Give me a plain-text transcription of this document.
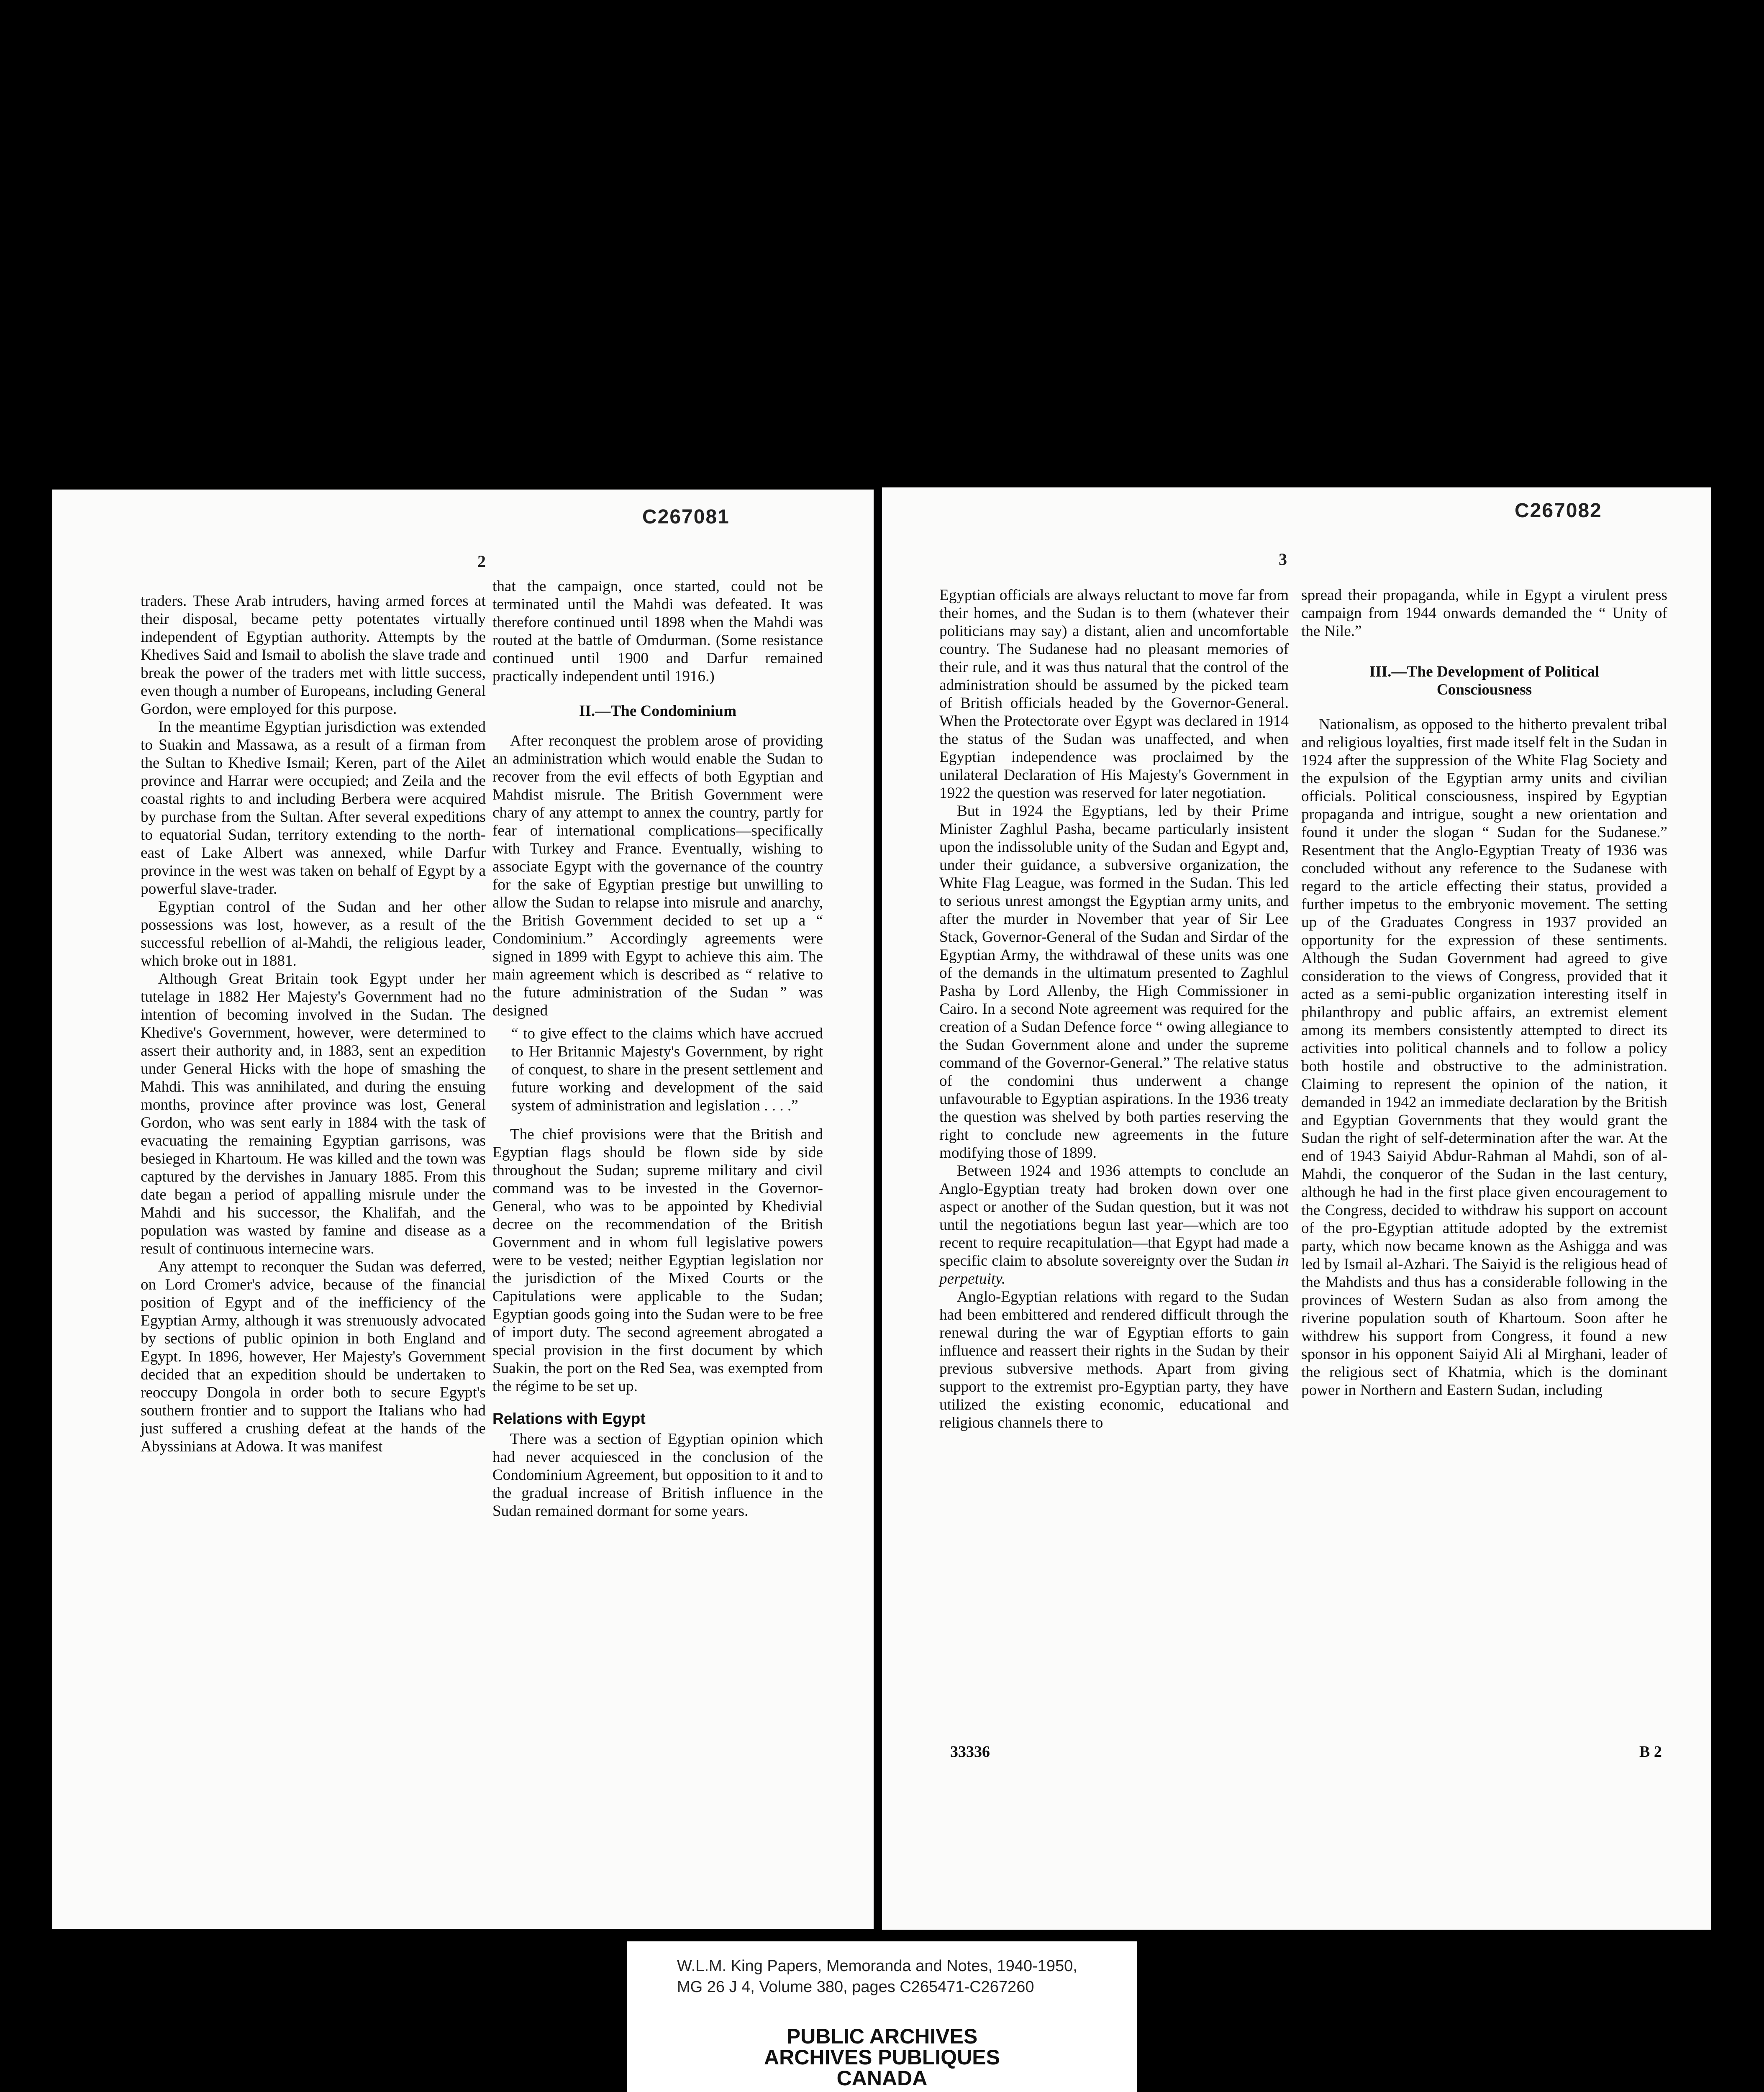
C267081
2

traders. These Arab intruders, having armed forces at their disposal, became petty potentates virtually independent of Egyptian authority. Attempts by the Khedives Said and Ismail to abolish the slave trade and break the power of the traders met with little success, even though a number of Europeans, including General Gordon, were employed for this purpose.

In the meantime Egyptian jurisdiction was extended to Suakin and Massawa, as a result of a firman from the Sultan to Khedive Ismail; Keren, part of the Ailet province and Harrar were occupied; and Zeila and the coastal rights to and including Berbera were acquired by purchase from the Sultan. After several expeditions to equatorial Sudan, territory extending to the north-east of Lake Albert was annexed, while Darfur province in the west was taken on behalf of Egypt by a powerful slave-trader.

Egyptian control of the Sudan and her other possessions was lost, however, as a result of the successful rebellion of al-Mahdi, the religious leader, which broke out in 1881.

Although Great Britain took Egypt under her tutelage in 1882 Her Majesty's Government had no intention of becoming involved in the Sudan. The Khedive's Government, however, were determined to assert their authority and, in 1883, sent an expedition under General Hicks with the hope of smashing the Mahdi. This was annihilated, and during the ensuing months, province after province was lost, General Gordon, who was sent early in 1884 with the task of evacuating the remaining Egyptian garrisons, was besieged in Khartoum. He was killed and the town was captured by the dervishes in January 1885. From this date began a period of appalling misrule under the Mahdi and his successor, the Khalifah, and the population was wasted by famine and disease as a result of continuous internecine wars.

Any attempt to reconquer the Sudan was deferred, on Lord Cromer's advice, because of the financial position of Egypt and of the inefficiency of the Egyptian Army, although it was strenuously advocated by sections of public opinion in both England and Egypt. In 1896, however, Her Majesty's Government decided that an expedition should be undertaken to reoccupy Dongola in order both to secure Egypt's southern frontier and to support the Italians who had just suffered a crushing defeat at the hands of the Abyssinians at Adowa. It was manifest

that the campaign, once started, could not be terminated until the Mahdi was defeated. It was therefore continued until 1898 when the Mahdi was routed at the battle of Omdurman. (Some resistance continued until 1900 and Darfur remained practically independent until 1916.)

II.—The Condominium

After reconquest the problem arose of providing an administration which would enable the Sudan to recover from the evil effects of both Egyptian and Mahdist misrule. The British Government were chary of any attempt to annex the country, partly for fear of international complications—specifically with Turkey and France. Eventually, wishing to associate Egypt with the governance of the country for the sake of Egyptian prestige but unwilling to allow the Sudan to relapse into misrule and anarchy, the British Government decided to set up a “ Condominium.” Accordingly agreements were signed in 1899 with Egypt to achieve this aim. The main agreement which is described as “ relative to the future administration of the Sudan ” was designed

“ to give effect to the claims which have accrued to Her Britannic Majesty's Government, by right of conquest, to share in the present settlement and future working and development of the said system of administration and legislation . . . .”

The chief provisions were that the British and Egyptian flags should be flown side by side throughout the Sudan; supreme military and civil command was to be invested in the Governor-General, who was to be appointed by Khedivial decree on the recommendation of the British Government and in whom full legislative powers were to be vested; neither Egyptian legislation nor the jurisdiction of the Mixed Courts or the Capitulations were applicable to the Sudan; Egyptian goods going into the Sudan were to be free of import duty. The second agreement abrogated a special provision in the first document by which Suakin, the port on the Red Sea, was exempted from the régime to be set up.

Relations with Egypt

There was a section of Egyptian opinion which had never acquiesced in the conclusion of the Condominium Agreement, but opposition to it and to the gradual increase of British influence in the Sudan remained dormant for some years.

C267082
3

Egyptian officials are always reluctant to move far from their homes, and the Sudan is to them (whatever their politicians may say) a distant, alien and uncomfortable country. The Sudanese had no pleasant memories of their rule, and it was thus natural that the control of the administration should be assumed by the picked team of British officials headed by the Governor-General. When the Protectorate over Egypt was declared in 1914 the status of the Sudan was unaffected, and when Egyptian independence was proclaimed by the unilateral Declaration of His Majesty's Government in 1922 the question was reserved for later negotiation.

But in 1924 the Egyptians, led by their Prime Minister Zaghlul Pasha, became particularly insistent upon the indissoluble unity of the Sudan and Egypt and, under their guidance, a subversive organization, the White Flag League, was formed in the Sudan. This led to serious unrest amongst the Egyptian army units, and after the murder in November that year of Sir Lee Stack, Governor-General of the Sudan and Sirdar of the Egyptian Army, the withdrawal of these units was one of the demands in the ultimatum presented to Zaghlul Pasha by Lord Allenby, the High Commissioner in Cairo. In a second Note agreement was required for the creation of a Sudan Defence force “ owing allegiance to the Sudan Government alone and under the supreme command of the Governor-General.” The relative status of the condomini thus underwent a change unfavourable to Egyptian aspirations. In the 1936 treaty the question was shelved by both parties reserving the right to conclude new agreements in the future modifying those of 1899.

Between 1924 and 1936 attempts to conclude an Anglo-Egyptian treaty had broken down over one aspect or another of the Sudan question, but it was not until the negotiations begun last year—which are too recent to require recapitulation—that Egypt had made a specific claim to absolute sovereignty over the Sudan in perpetuity.

Anglo-Egyptian relations with regard to the Sudan had been embittered and rendered difficult through the renewal during the war of Egyptian efforts to gain influence and reassert their rights in the Sudan by their previous subversive methods. Apart from giving support to the extremist pro-Egyptian party, they have utilized the existing economic, educational and religious channels there to

spread their propaganda, while in Egypt a virulent press campaign from 1944 onwards demanded the “ Unity of the Nile.”

III.—The Development of Political
Consciousness

Nationalism, as opposed to the hitherto prevalent tribal and religious loyalties, first made itself felt in the Sudan in 1924 after the suppression of the White Flag Society and the expulsion of the Egyptian army units and civilian officials. Political consciousness, inspired by Egyptian propaganda and intrigue, sought a new orientation and found it under the slogan “ Sudan for the Sudanese.” Resentment that the Anglo-Egyptian Treaty of 1936 was concluded without any reference to the Sudanese with regard to the article effecting their status, provided a further impetus to the embryonic movement. The setting up of the Graduates Congress in 1937 provided an opportunity for the expression of these sentiments. Although the Sudan Government had agreed to give consideration to the views of Congress, provided that it acted as a semi-public organization interesting itself in philanthropy and public affairs, an extremist element among its members consistently attempted to direct its activities into political channels and to follow a policy both hostile and obstructive to the administration. Claiming to represent the opinion of the nation, it demanded in 1942 an immediate declaration by the British and Egyptian Governments that they would grant the Sudan the right of self-determination after the war. At the end of 1943 Saiyid Abdur-Rahman al Mahdi, son of al-Mahdi, the conqueror of the Sudan in the last century, although he had in the first place given encouragement to the Congress, decided to withdraw his support on account of the pro-Egyptian attitude adopted by the extremist party, which now became known as the Ashigga and was led by Ismail al-Azhari. The Saiyid is the religious head of the Mahdists and thus has a considerable following in the provinces of Western Sudan as also from among the riverine population south of Khartoum. Soon after he withdrew his support from Congress, it found a new sponsor in his opponent Saiyid Ali al Mirghani, leader of the religious sect of Khatmia, which is the dominant power in Northern and Eastern Sudan, including

33336	B 2
W.L.M. King Papers, Memoranda and Notes, 1940-1950,
MG 26 J 4, Volume 380, pages C265471-C267260
PUBLIC ARCHIVES
ARCHIVES PUBLIQUES
CANADA
